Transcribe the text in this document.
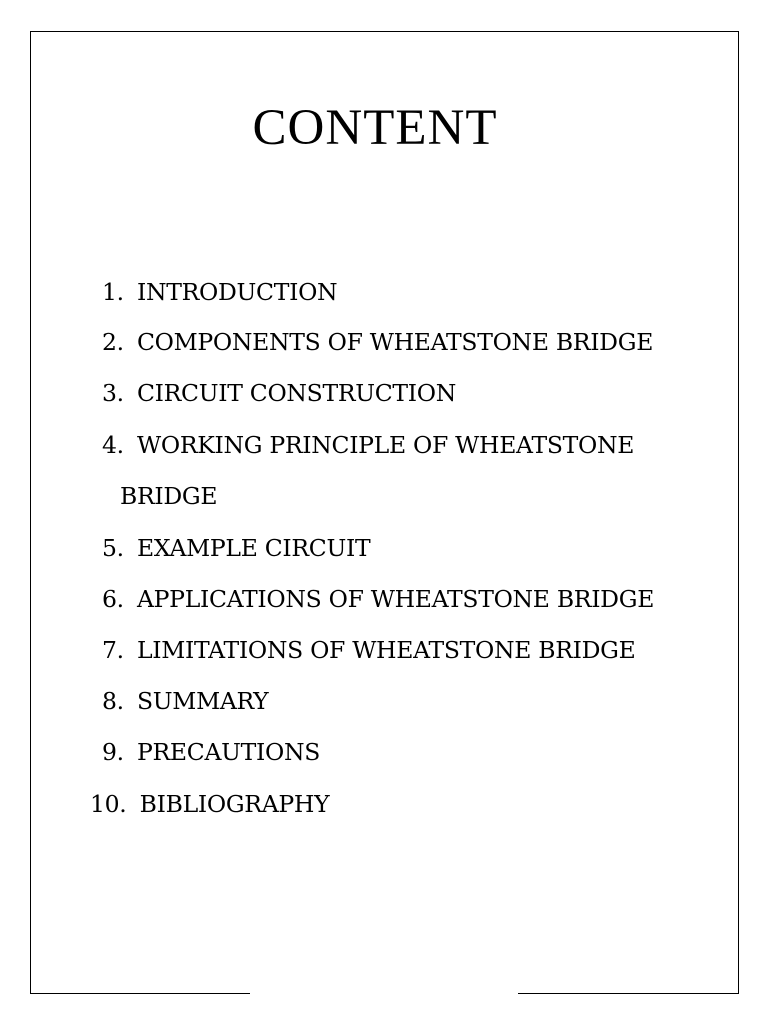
CONTENT
1. INTRODUCTION
2. COMPONENTS OF WHEATSTONE BRIDGE
3. CIRCUIT CONSTRUCTION
4. WORKING PRINCIPLE OF WHEATSTONE
BRIDGE
5. EXAMPLE CIRCUIT
6. APPLICATIONS OF WHEATSTONE BRIDGE
7. LIMITATIONS OF WHEATSTONE BRIDGE
8. SUMMARY
9. PRECAUTIONS
10. BIBLIOGRAPHY
